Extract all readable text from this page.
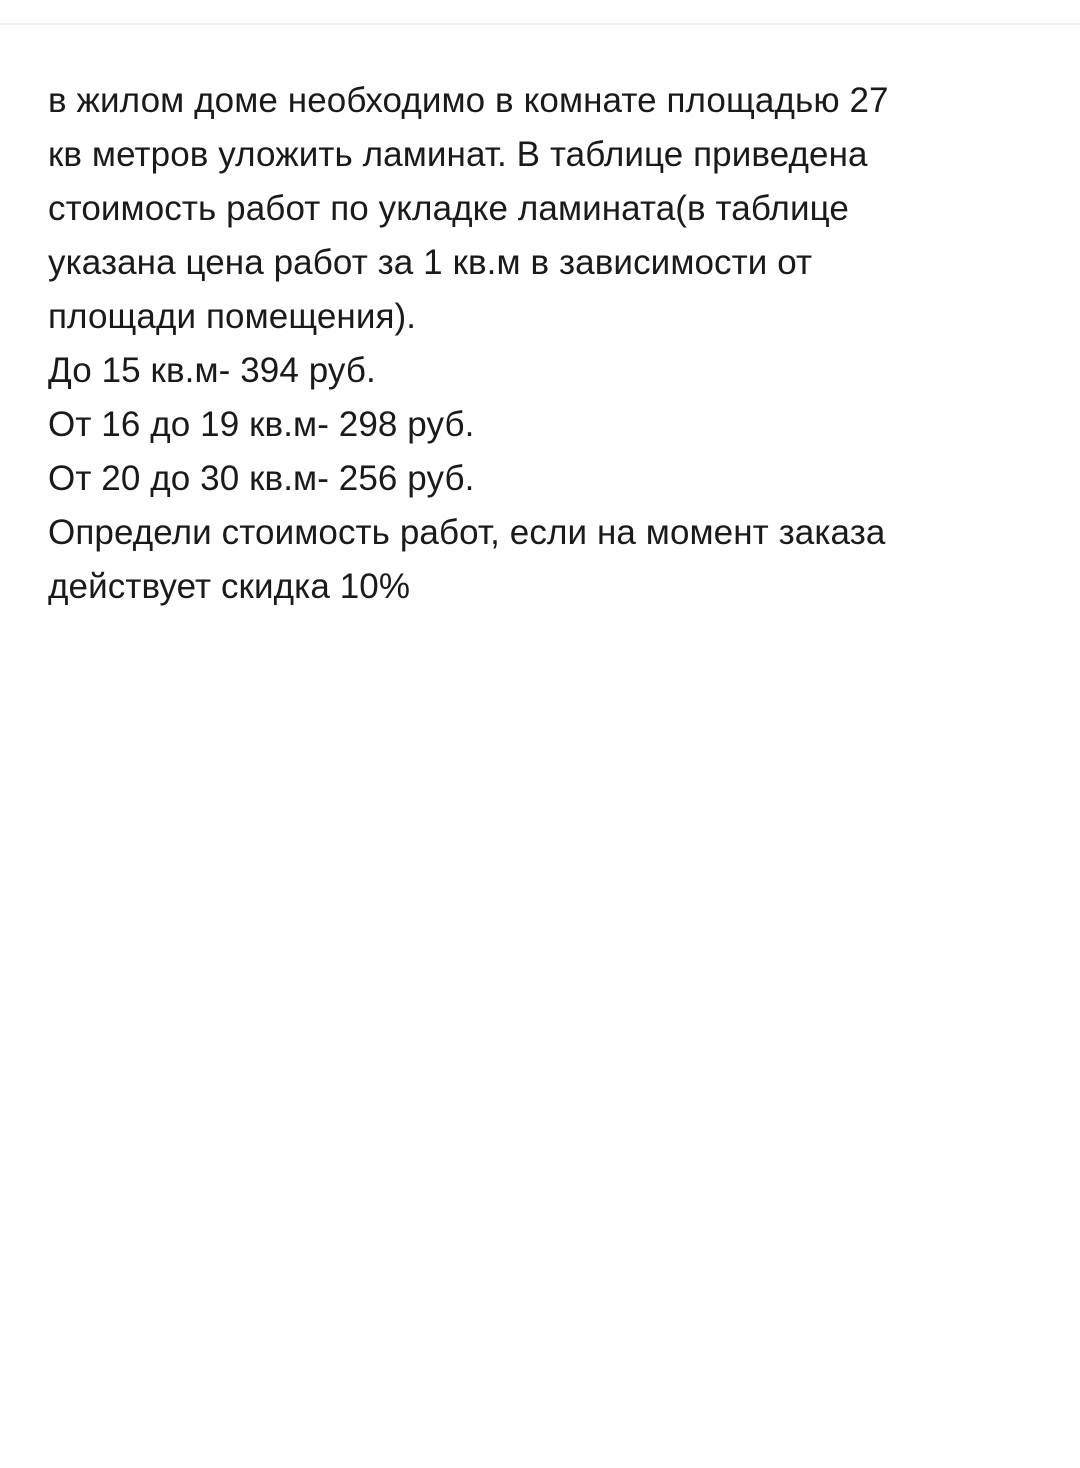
в жилом доме необходимо в комнате площадью 27
кв метров уложить ламинат. В таблице приведена
стоимость работ по укладке ламината(в таблице
указана цена работ за 1 кв.м в зависимости от
площади помещения).
До 15 кв.м- 394 руб.
От 16 до 19 кв.м- 298 руб.
От 20 до 30 кв.м- 256 руб.
Определи стоимость работ, если на момент заказа
действует скидка 10%
